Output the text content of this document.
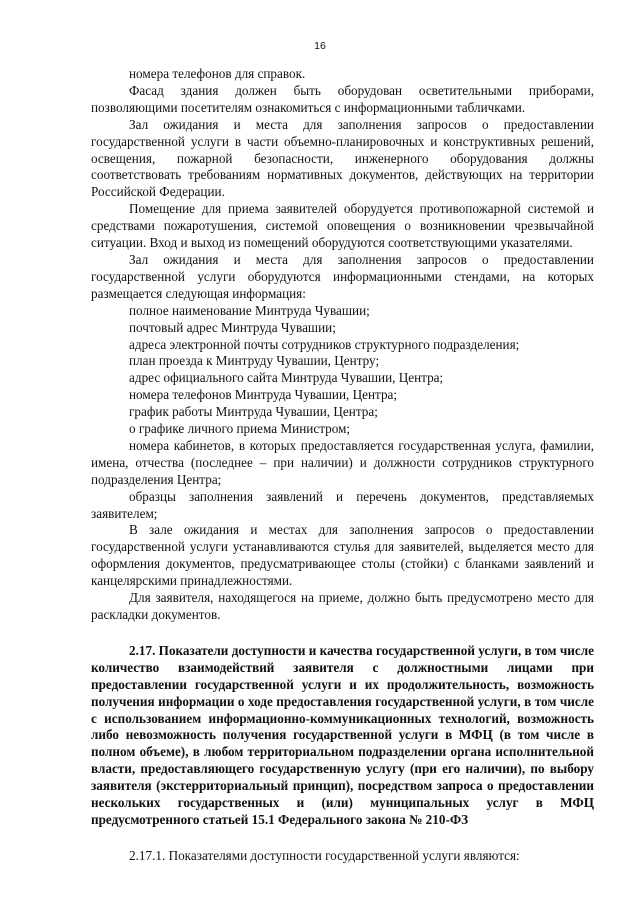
16

номера телефонов для справок.

Фасад здания должен быть оборудован осветительными приборами, позволяющими посетителям ознакомиться с информационными табличками.

Зал ожидания и места для заполнения запросов о предоставлении государственной услуги в части объемно-планировочных и конструктивных решений, освещения, пожарной безопасности, инженерного оборудования должны соответствовать требованиям нормативных документов, действующих на территории Российской Федерации.

Помещение для приема заявителей оборудуется противопожарной системой и средствами пожаротушения, системой оповещения о возникновении чрезвычайной ситуации. Вход и выход из помещений оборудуются соответствующими указателями.

Зал ожидания и места для заполнения запросов о предоставлении государственной услуги оборудуются информационными стендами, на которых размещается следующая информация:

полное наименование Минтруда Чувашии;

почтовый адрес Минтруда Чувашии;

адреса электронной почты сотрудников структурного подразделения;

план проезда к Минтруду Чувашии, Центру;

адрес официального сайта Минтруда Чувашии, Центра;

номера телефонов Минтруда Чувашии, Центра;

график работы Минтруда Чувашии, Центра;

о графике личного приема Министром;

номера кабинетов, в которых предоставляется государственная услуга, фамилии, имена, отчества (последнее – при наличии) и должности сотрудников структурного подразделения Центра;

образцы заполнения заявлений и перечень документов, представляемых заявителем;

В зале ожидания и местах для заполнения запросов о предоставлении государственной услуги устанавливаются стулья для заявителей, выделяется место для оформления документов, предусматривающее столы (стойки) с бланками заявлений и канцелярскими принадлежностями.

Для заявителя, находящегося на приеме, должно быть предусмотрено место для раскладки документов.

2.17. Показатели доступности и качества государственной услуги, в том числе количество взаимодействий заявителя с должностными лицами при предоставлении государственной услуги и их продолжительность, возможность получения информации о ходе предоставления государственной услуги, в том числе с использованием информационно-коммуникационных технологий, возможность либо невозможность получения государственной услуги в МФЦ (в том числе в полном объеме), в любом территориальном подразделении органа исполнительной власти, предоставляющего государственную услугу (при его наличии), по выбору заявителя (экстерриториальный принцип), посредством запроса о предоставлении нескольких государственных и (или) муниципальных услуг в МФЦ предусмотренного статьей 15.1 Федерального закона № 210-ФЗ

2.17.1. Показателями доступности государственной услуги являются:
